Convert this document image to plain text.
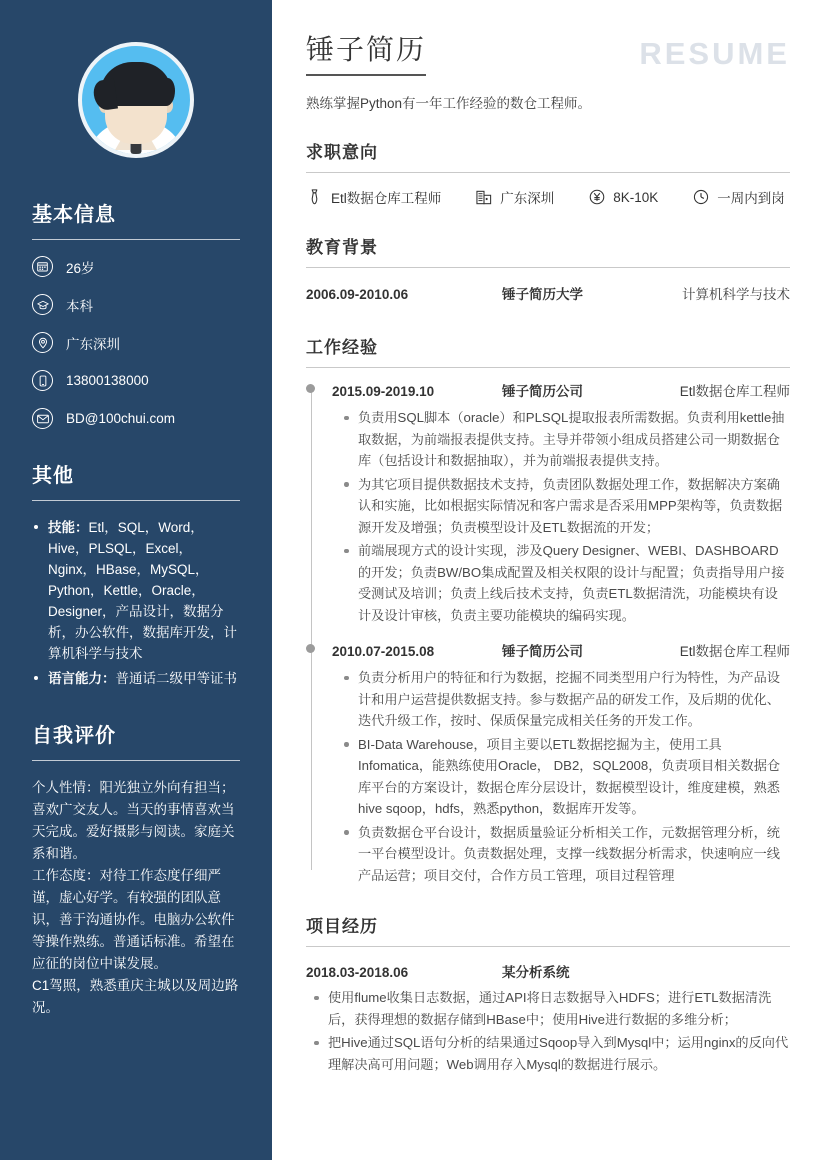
基本信息
26岁
本科
广东深圳
13800138000
BD@100chui.com
其他
技能：Etl，SQL，Word，Hive，PLSQL，Excel，Nginx，HBase，MySQL，Python，Kettle，Oracle，Designer，产品设计，数据分析，办公软件，数据库开发，计算机科学与技术
语言能力：普通话二级甲等证书
自我评价

个人性情：阳光独立外向有担当；喜欢广交友人。当天的事情喜欢当天完成。爱好摄影与阅读。家庭关系和谐。

工作态度：对待工作态度仔细严谨，虚心好学。有较强的团队意识，善于沟通协作。电脑办公软件等操作熟练。普通话标准。希望在应征的岗位中谋发展。

C1驾照，熟悉重庆主城以及周边路况。

锤子简历	RESUME
熟练掌握Python有一年工作经验的数仓工程师。
求职意向
Etl数据仓库工程师	广东深圳	8K-10K	一周内到岗
教育背景
2006.09-2010.06	锤子简历大学	计算机科学与技术
工作经验
2015.09-2019.10	锤子简历公司	Etl数据仓库工程师
负责用SQL脚本（oracle）和PLSQL提取报表所需数据。负责利用kettle抽取数据，为前端报表提供支持。主导并带领小组成员搭建公司一期数据仓库（包括设计和数据抽取），并为前端报表提供支持。
为其它项目提供数据技术支持，负责团队数据处理工作，数据解决方案确认和实施，比如根据实际情况和客户需求是否采用MPP架构等，负责数据源开发及增强；负责模型设计及ETL数据流的开发；
前端展现方式的设计实现，涉及Query Designer、WEBI、DASHBOARD的开发；负责BW/BO集成配置及相关权限的设计与配置；负责指导用户接受测试及培训；负责上线后技术支持，负责ETL数据清洗，功能模块有设计及设计审核，负责主要功能模块的编码实现。
2010.07-2015.08	锤子简历公司	Etl数据仓库工程师
负责分析用户的特征和行为数据，挖掘不同类型用户行为特性，为产品设计和用户运营提供数据支持。参与数据产品的研发工作，及后期的优化、迭代升级工作，按时、保质保量完成相关任务的开发工作。
BI-Data Warehouse，项目主要以ETL数据挖掘为主，使用工具Infomatica，能熟练使用Oracle， DB2，SQL2008，负责项目相关数据仓库平台的方案设计，数据仓库分层设计，数据模型设计，维度建模，熟悉hive sqoop，hdfs，熟悉python，数据库开发等。
负责数据仓平台设计，数据质量验证分析相关工作，元数据管理分析，统一平台模型设计。负责数据处理，支撑一线数据分析需求，快速响应一线产品运营；项目交付，合作方员工管理，项目过程管理
项目经历
2018.03-2018.06	某分析系统
使用flume收集日志数据，通过API将日志数据导入HDFS；进行ETL数据清洗后，获得理想的数据存储到HBase中；使用Hive进行数据的多维分析；
把Hive通过SQL语句分析的结果通过Sqoop导入到Mysql中；运用nginx的反向代理解决高可用问题；Web调用存入Mysql的数据进行展示。
